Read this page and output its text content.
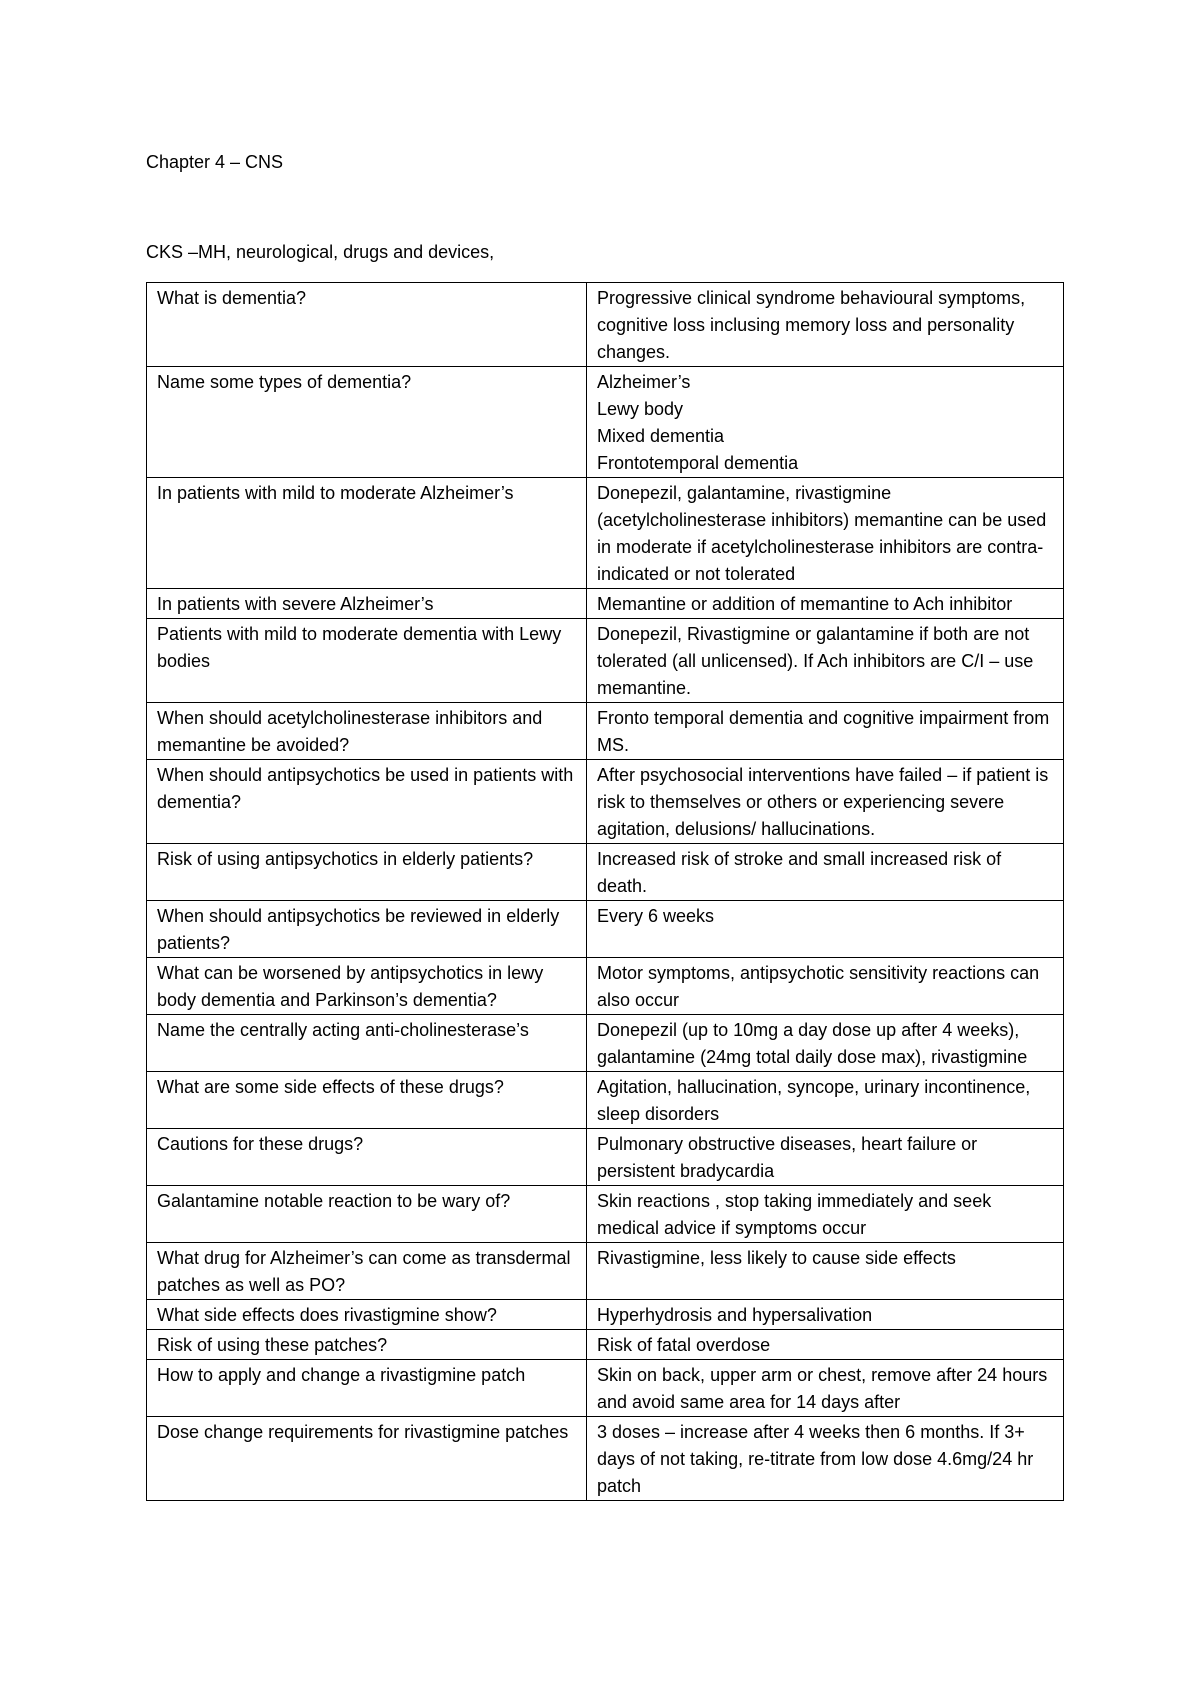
Chapter 4 – CNS
CKS –MH, neurological, drugs and devices,
What is dementia?	Progressive clinical syndrome behavioural symptoms, cognitive loss inclusing memory loss and personality changes.

Name some types of dementia?	Alzheimer’s
Lewy body
Mixed dementia
Frontotemporal dementia

In patients with mild to moderate Alzheimer’s	Donepezil, galantamine, rivastigmine (acetylcholinesterase inhibitors) memantine can be used in moderate if acetylcholinesterase inhibitors are contra-indicated or not tolerated

In patients with severe Alzheimer’s	Memantine or addition of memantine to Ach inhibitor

Patients with mild to moderate dementia with Lewy bodies	Donepezil, Rivastigmine or galantamine if both are not tolerated (all unlicensed). If Ach inhibitors are C/I – use memantine.

When should acetylcholinesterase inhibitors and memantine be avoided?	Fronto temporal dementia and cognitive impairment from MS.

When should antipsychotics be used in patients with dementia?	After psychosocial interventions have failed – if patient is risk to themselves or others or experiencing severe agitation, delusions/ hallucinations.

Risk of using antipsychotics in elderly patients?	Increased risk of stroke and small increased risk of death.

When should antipsychotics be reviewed in elderly patients?	Every 6 weeks

What can be worsened by antipsychotics in lewy body dementia and Parkinson’s dementia?	Motor symptoms, antipsychotic sensitivity reactions can also occur

Name the centrally acting anti-cholinesterase’s	Donepezil (up to 10mg a day dose up after 4 weeks), galantamine (24mg total daily dose max), rivastigmine

What are some side effects of these drugs?	Agitation, hallucination, syncope, urinary incontinence, sleep disorders

Cautions for these drugs?	Pulmonary obstructive diseases, heart failure or persistent bradycardia

Galantamine notable reaction to be wary of?	Skin reactions , stop taking immediately and seek medical advice if symptoms occur

What drug for Alzheimer’s can come as transdermal patches as well as PO?	Rivastigmine, less likely to cause side effects

What side effects does rivastigmine show?	Hyperhydrosis and hypersalivation

Risk of using these patches?	Risk of fatal overdose

How to apply and change a rivastigmine patch	Skin on back, upper arm or chest, remove after 24 hours and avoid same area for 14 days after

Dose change requirements for rivastigmine patches	3 doses – increase after 4 weeks then 6 months. If 3+ days of not taking, re-titrate from low dose 4.6mg/24 hr patch
